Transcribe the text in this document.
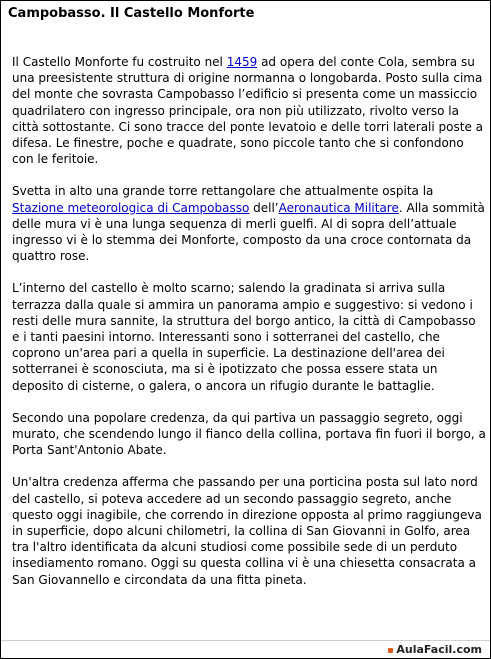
Campobasso. Il Castello Monforte

Il Castello Monforte fu costruito nel 1459 ad opera del conte Cola, sembra su una preesistente struttura di origine normanna o longobarda. Posto sulla cima del monte che sovrasta Campobasso l’edificio si presenta come un massiccio quadrilatero con ingresso principale, ora non più utilizzato, rivolto verso la città sottostante. Ci sono tracce del ponte levatoio e delle torri laterali poste a difesa. Le finestre, poche e quadrate, sono piccole tanto che si confondono con le feritoie.

Svetta in alto una grande torre rettangolare che attualmente ospita la Stazione meteorologica di Campobasso dell’Aeronautica Militare. Alla sommità delle mura vi è una lunga sequenza di merli guelfi. Al di sopra dell’attuale ingresso vi è lo stemma dei Monforte, composto da una croce contornata da quattro rose.

L’interno del castello è molto scarno; salendo la gradinata si arriva sulla terrazza dalla quale si ammira un panorama ampio e suggestivo: si vedono i resti delle mura sannite, la struttura del borgo antico, la città di Campobasso e i tanti paesini intorno. Interessanti sono i sotterranei del castello, che coprono un'area pari a quella in superficie. La destinazione dell'area dei sotterranei è sconosciuta, ma si è ipotizzato che possa essere stata un deposito di cisterne, o galera, o ancora un rifugio durante le battaglie.

Secondo una popolare credenza, da qui partiva un passaggio segreto, oggi murato, che scendendo lungo il fianco della collina, portava fin fuori il borgo, a Porta Sant'Antonio Abate.

Un'altra credenza afferma che passando per una porticina posta sul lato nord del castello, si poteva accedere ad un secondo passaggio segreto, anche questo oggi inagibile, che correndo in direzione opposta al primo raggiungeva in superficie, dopo alcuni chilometri, la collina di San Giovanni in Golfo, area tra l'altro identificata da alcuni studiosi come possibile sede di un perduto insediamento romano. Oggi su questa collina vi è una chiesetta consacrata a San Giovannello e circondata da una fitta pineta.

AulaFacil.com
